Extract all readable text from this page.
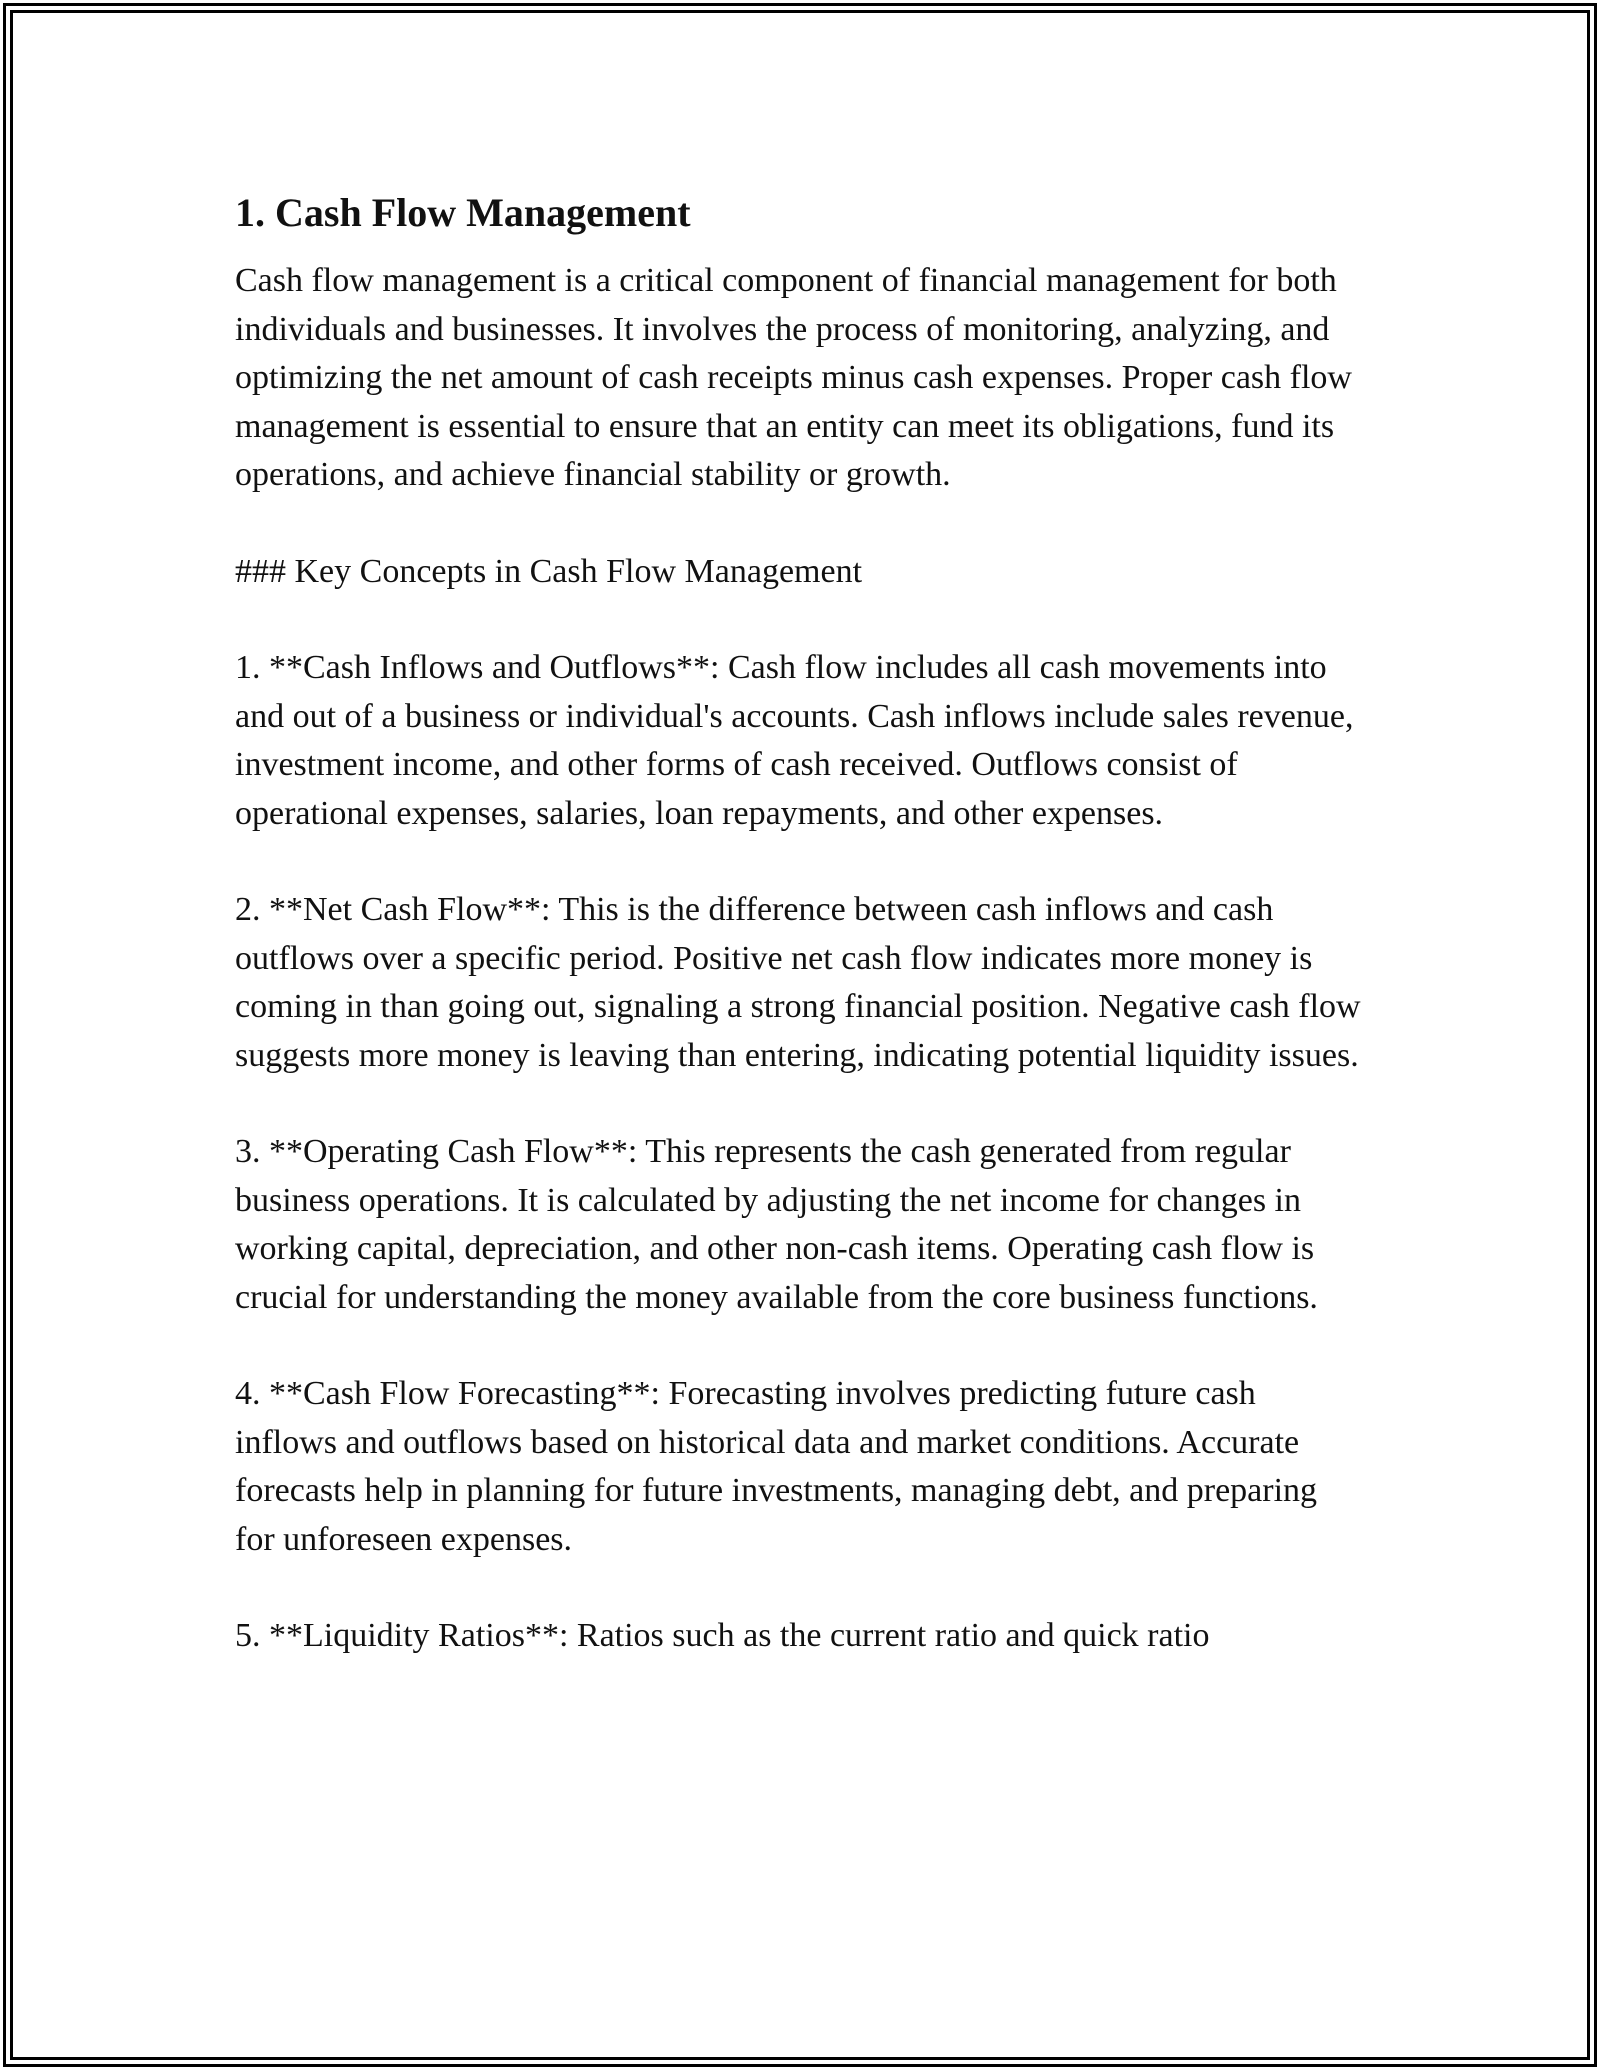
1. Cash Flow Management

Cash flow management is a critical component of financial management for both individuals and businesses. It involves the process of monitoring, analyzing, and optimizing the net amount of cash receipts minus cash expenses. Proper cash flow management is essential to ensure that an entity can meet its obligations, fund its operations, and achieve financial stability or growth.

### Key Concepts in Cash Flow Management

1. **Cash Inflows and Outflows**: Cash flow includes all cash movements into and out of a business or individual's accounts. Cash inflows include sales revenue, investment income, and other forms of cash received. Outflows consist of operational expenses, salaries, loan repayments, and other expenses.

2. **Net Cash Flow**: This is the difference between cash inflows and cash outflows over a specific period. Positive net cash flow indicates more money is coming in than going out, signaling a strong financial position. Negative cash flow suggests more money is leaving than entering, indicating potential liquidity issues.

3. **Operating Cash Flow**: This represents the cash generated from regular business operations. It is calculated by adjusting the net income for changes in working capital, depreciation, and other non-cash items. Operating cash flow is crucial for understanding the money available from the core business functions.

4. **Cash Flow Forecasting**: Forecasting involves predicting future cash inflows and outflows based on historical data and market conditions. Accurate forecasts help in planning for future investments, managing debt, and preparing for unforeseen expenses.

5. **Liquidity Ratios**: Ratios such as the current ratio and quick ratio
